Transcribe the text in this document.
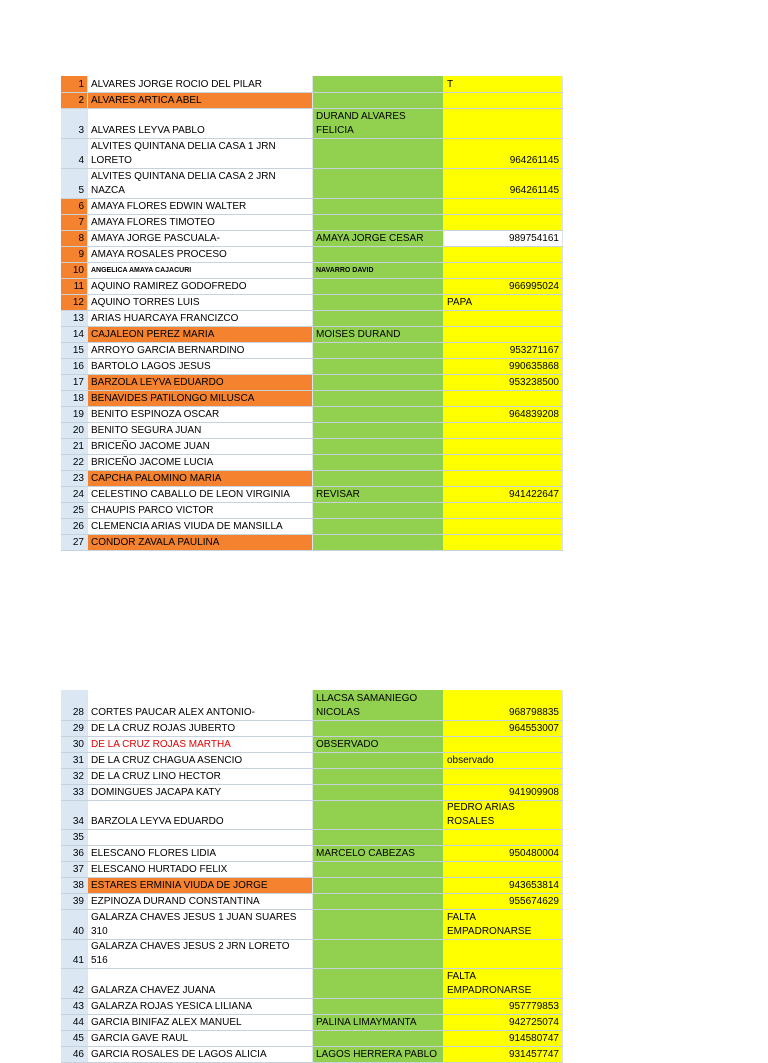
1	ALVARES JORGE ROCIO DEL PILAR		T
2	ALVARES ARTICA ABEL		
3	ALVARES LEYVA PABLO	DURAND ALVARES FELICIA	
4	ALVITES QUINTANA DELIA CASA 1 JRN LORETO		964261145
5	ALVITES QUINTANA DELIA CASA 2 JRN NAZCA		964261145
6	AMAYA FLORES EDWIN WALTER		
7	AMAYA FLORES TIMOTEO		
8	AMAYA JORGE PASCUALA-	AMAYA JORGE CESAR	989754161
9	AMAYA ROSALES PROCESO		
10	ANGELICA AMAYA CAJACURI	NAVARRO DAVID	
11	AQUINO RAMIREZ GODOFREDO		966995024
12	AQUINO TORRES LUIS		PAPA
13	ARIAS HUARCAYA FRANCIZCO		
14	CAJALEON PEREZ MARIA	MOISES DURAND	
15	ARROYO GARCIA BERNARDINO		953271167
16	BARTOLO LAGOS JESUS		990635868
17	BARZOLA LEYVA EDUARDO		953238500
18	BENAVIDES PATILONGO MILUSCA		
19	BENITO ESPINOZA OSCAR		964839208
20	BENITO SEGURA JUAN		
21	BRICEÑO JACOME JUAN		
22	BRICEÑO JACOME LUCIA		
23	CAPCHA PALOMINO MARIA		
24	CELESTINO CABALLO DE LEON VIRGINIA	REVISAR	941422647
25	CHAUPIS PARCO VICTOR		
26	CLEMENCIA ARIAS VIUDA DE MANSILLA		
27	CONDOR ZAVALA PAULINA		
28	CORTES PAUCAR ALEX ANTONIO-	LLACSA SAMANIEGO NICOLAS	968798835
29	DE LA CRUZ ROJAS JUBERTO		964553007
30	DE LA CRUZ ROJAS MARTHA	OBSERVADO	
31	DE LA CRUZ CHAGUA ASENCIO		observado
32	DE LA CRUZ LINO HECTOR		
33	DOMINGUES JACAPA KATY		941909908
34	BARZOLA LEYVA EDUARDO		PEDRO ARIAS ROSALES
35			
36	ELESCANO FLORES LIDIA	MARCELO CABEZAS	950480004
37	ELESCANO HURTADO FELIX		
38	ESTARES ERMINIA VIUDA DE JORGE		943653814
39	EZPINOZA DURAND CONSTANTINA		955674629
40	GALARZA CHAVES JESUS 1 JUAN SUARES 310		FALTA EMPADRONARSE
41	GALARZA CHAVES JESUS 2 JRN LORETO 516		
42	GALARZA CHAVEZ JUANA		FALTA EMPADRONARSE
43	GALARZA ROJAS YESICA LILIANA		957779853
44	GARCIA BINIFAZ ALEX MANUEL	PALINA LIMAYMANTA	942725074
45	GARCIA GAVE RAUL		914580747
46	GARCIA ROSALES DE LAGOS ALICIA	LAGOS HERRERA PABLO	931457747
